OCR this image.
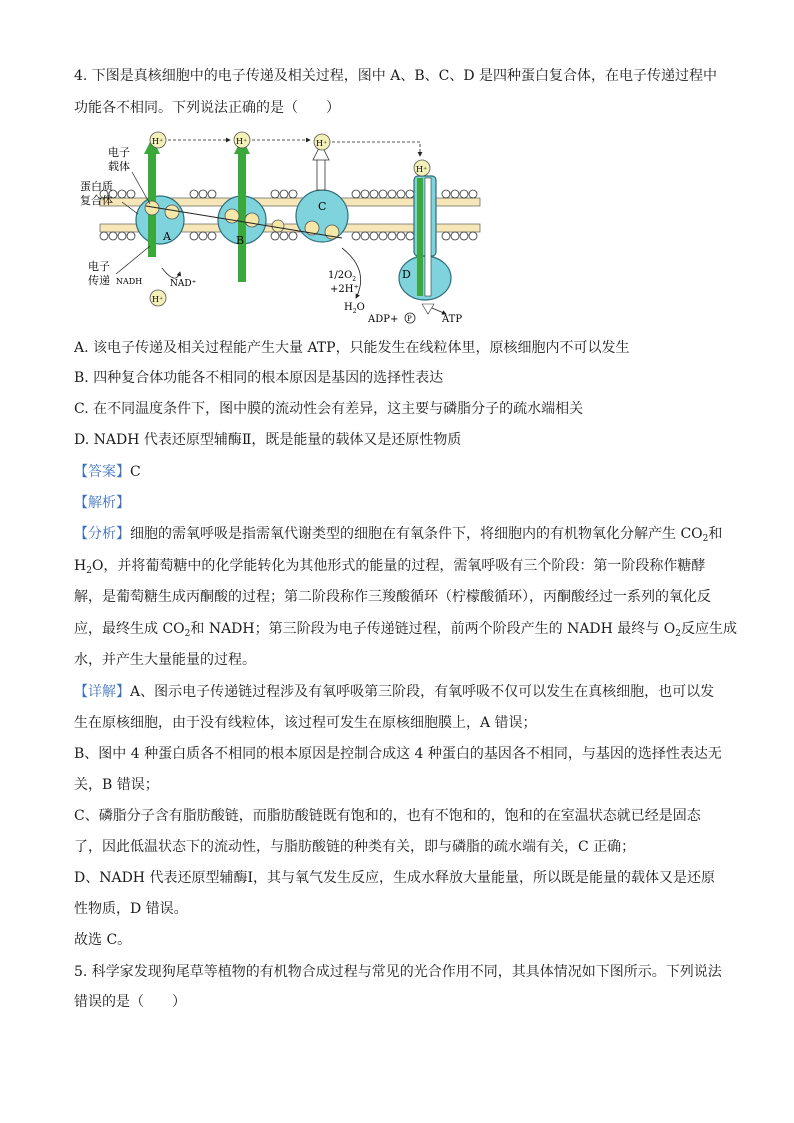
4. 下图是真核细胞中的电子传递及相关过程，图中 A、B、C、D 是四种蛋白复合体，在电子传递过程中
功能各不相同。下列说法正确的是（　　）
A	B
C
D
H⁺	H⁺	H⁺
H⁺
H⁺
电子
载体
蛋白质
复合体
电子
传递 NADH	NAD⁺
$1/2O_2$
+2H⁺
$H_2O$
ADP+ P	ATP
A. 该电子传递及相关过程能产生大量 ATP，只能发生在线粒体里，原核细胞内不可以发生
B. 四种复合体功能各不相同的根本原因是基因的选择性表达
C. 在不同温度条件下，图中膜的流动性会有差异，这主要与磷脂分子的疏水端相关
D. NADH 代表还原型辅酶Ⅱ，既是能量的载体又是还原性物质
【答案】C
【解析】
【分析】细胞的需氧呼吸是指需氧代谢类型的细胞在有氧条件下，将细胞内的有机物氧化分解产生 $CO_2$和
$H_2O$，并将葡萄糖中的化学能转化为其他形式的能量的过程，需氧呼吸有三个阶段：第一阶段称作糖酵
解，是葡萄糖生成丙酮酸的过程；第二阶段称作三羧酸循环（柠檬酸循环），丙酮酸经过一系列的氧化反
应，最终生成 $CO_2$和 NADH；第三阶段为电子传递链过程，前两个阶段产生的 NADH 最终与 $O_2$反应生成
水，并产生大量能量的过程。
【详解】A、图示电子传递链过程涉及有氧呼吸第三阶段，有氧呼吸不仅可以发生在真核细胞，也可以发
生在原核细胞，由于没有线粒体，该过程可发生在原核细胞膜上，A 错误；
B、图中 4 种蛋白质各不相同的根本原因是控制合成这 4 种蛋白的基因各不相同，与基因的选择性表达无
关，B 错误；
C、磷脂分子含有脂肪酸链，而脂肪酸链既有饱和的，也有不饱和的，饱和的在室温状态就已经是固态
了，因此低温状态下的流动性，与脂肪酸链的种类有关，即与磷脂的疏水端有关，C 正确；
D、NADH 代表还原型辅酶Ⅰ，其与氧气发生反应，生成水释放大量能量，所以既是能量的载体又是还原
性物质，D 错误。
故选 C。
5. 科学家发现狗尾草等植物的有机物合成过程与常见的光合作用不同，其具体情况如下图所示。下列说法
错误的是（　　）
